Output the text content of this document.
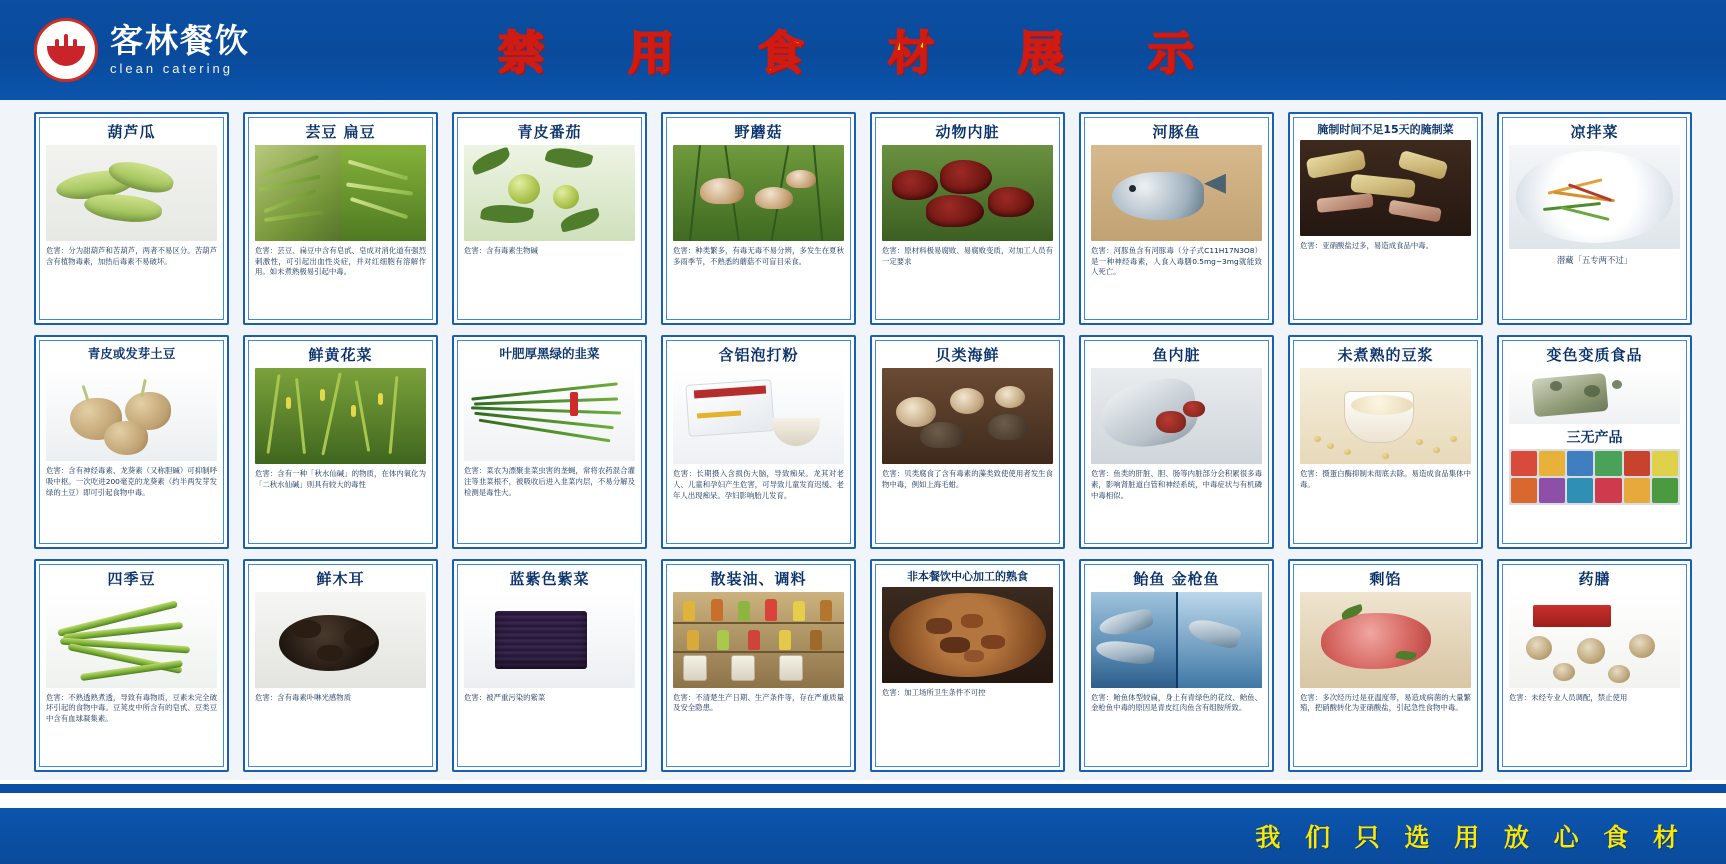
客林餐饮
clean catering	禁 用 食 材 展 示
葫芦瓜
危害：分为甜葫芦和苦葫芦，两者不易区分。苦葫芦含有植物毒素，加热后毒素不易破坏。
芸豆 扁豆
危害：芸豆、扁豆中含有皂甙、皂成对消化道有强烈刺激性，可引起出血性炎症，并对红细胞有溶解作用。如未煮熟极易引起中毒。
青皮番茄
危害：含有毒素生物碱
野蘑菇
危害：种类繁多，有毒无毒不易分辨，多发生在夏秋多雨季节，不熟悉的蘑菇不可盲目采食。
动物内脏
危害：原材料极易腐败、易腐败变质，对加工人员有一定要求
河豚鱼
危害：河豚鱼含有河豚毒（分子式C11H17N3O8）是一种神经毒素，人食入毒膳0.5mg~3mg就能致人死亡。
腌制时间不足15天的腌制菜
危害：亚硝酸盐过多，易造成食品中毒。
凉拌菜
潜藏「五专两不过」
青皮或发芽土豆
危害：含有神经毒素、龙葵素（又称胆碱）可抑制呼吸中枢。一次吃进200毫克的龙葵素（约半两发芽发绿的土豆）即可引起食物中毒。
鲜黄花菜
危害：含有一种「秋水仙碱」的物质，在体内氧化为「二秋水仙碱」则具有较大的毒性
叶肥厚黑绿的韭菜
危害：菜农为漂聚韭菜虫害的垄蝇，常将农药混合灌注等韭菜根不，被吸收后进入韭菜内层，不易分解及检测是毒性大。
含铝泡打粉
危害：长期摄入含损伤大脑，导致痴呆。龙其对老人、儿童和孕妇产生危害，可导致儿童发育迟缓、老年人出现痴呆。孕妇影响胎儿发育。
贝类海鲜
危害：贝类腐食了含有毒素的藻类致使使用者发生食物中毒，例如上海毛蚶。
鱼内脏
危害：鱼类的肝脏、胆、肠等内脏部分会积累很多毒素，影响肾脏道白管和神经系统，中毒症状与有机磷中毒相似。
未煮熟的豆浆
危害：摄蛋白酶抑制未彻底去除。易造成食品集体中毒。
变色变质食品
三无产品
四季豆
危害：不熟透熟煮透，导致有毒物质，豆素未完全破坏引起的食物中毒。豆荚皮中所含有的皂甙、豆类豆中含有血球凝集素。
鲜木耳
危害：含有毒素卟啉光感物质
蓝紫色紫菜
危害：被严重污染的紫菜
散装油、调料
危害：不清楚生产日期、生产条件等，存在严重质量及安全隐患。
非本餐饮中心加工的熟食
危害：加工场所卫生条件不可控
鲐鱼 金枪鱼
危害：鲐鱼体型较扁，身上有青绿色的花纹、鲐鱼、金枪鱼中毒的原因是青皮红肉鱼含有组胺所致。
剩馅
危害：多次经历过是亚温度带，易造成病菌的大量繁殖，把硝酸转化为亚硝酸盐，引起急性食物中毒。
药膳
危害：未经专业人员调配，禁止使用
我 们 只 选 用 放 心 食 材
